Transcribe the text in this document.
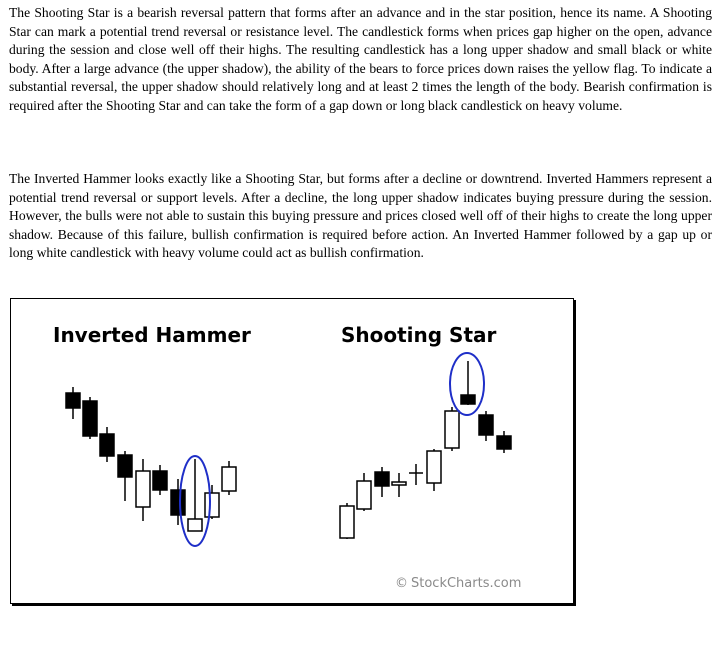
The Shooting Star is a bearish reversal pattern that forms after an advance and in the star position, hence its name. A Shooting Star can mark a potential trend reversal or resistance level. The candlestick forms when prices gap higher on the open, advance during the session and close well off their highs. The resulting candlestick has a long upper shadow and small black or white body. After a large advance (the upper shadow), the ability of the bears to force prices down raises the yellow flag. To indicate a substantial reversal, the upper shadow should relatively long and at least 2 times the length of the body. Bearish confirmation is required after the Shooting Star and can take the form of a gap down or long black candlestick on heavy volume.

The Inverted Hammer looks exactly like a Shooting Star, but forms after a decline or downtrend. Inverted Hammers represent a potential trend reversal or support levels. After a decline, the long upper shadow indicates buying pressure during the session. However, the bulls were not able to sustain this buying pressure and prices closed well off of their highs to create the long upper shadow. Because of this failure, bullish confirmation is required before action. An Inverted Hammer followed by a gap up or long white candlestick with heavy volume could act as bullish confirmation.

Inverted Hammer	Shooting Star
© StockCharts.com
